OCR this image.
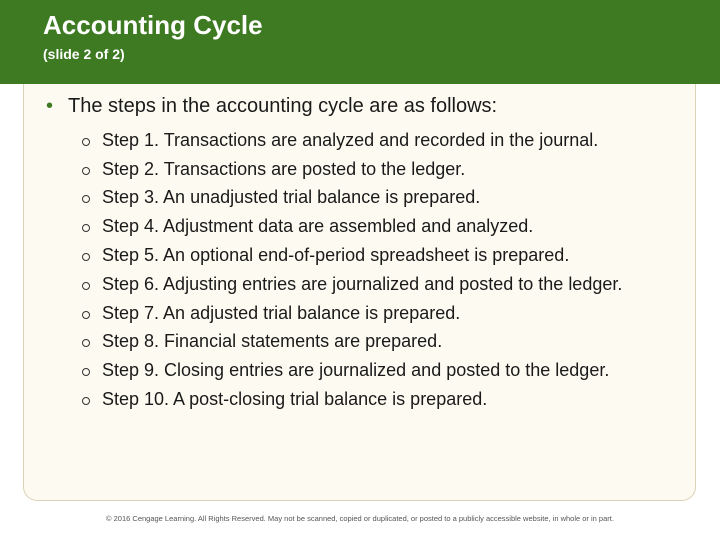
Accounting Cycle
(slide 2 of 2)
• The steps in the accounting cycle are as follows:
Step 1. Transactions are analyzed and recorded in the journal.
Step 2. Transactions are posted to the ledger.
Step 3. An unadjusted trial balance is prepared.
Step 4. Adjustment data are assembled and analyzed.
Step 5. An optional end-of-period spreadsheet is prepared.
Step 6. Adjusting entries are journalized and posted to the ledger.
Step 7. An adjusted trial balance is prepared.
Step 8. Financial statements are prepared.
Step 9. Closing entries are journalized and posted to the ledger.
Step 10. A post-closing trial balance is prepared.
© 2016 Cengage Learning. All Rights Reserved. May not be scanned, copied or duplicated, or posted to a publicly accessible website, in whole or in part.
